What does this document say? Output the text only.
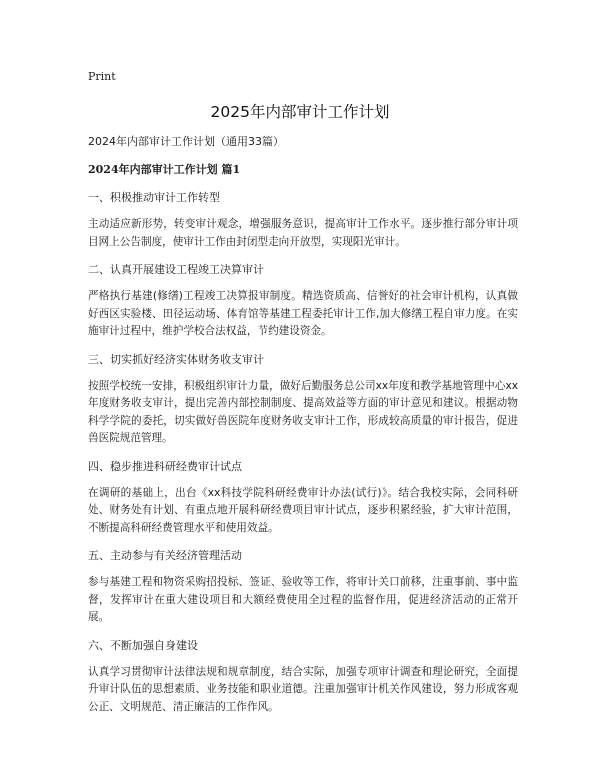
Print
2025年内部审计工作计划

2024年内部审计工作计划（通用33篇）

2024年内部审计工作计划 篇1

一、积极推动审计工作转型

主动适应新形势，转变审计观念，增强服务意识，提高审计工作水平。逐步推行部分审计项目网上公告制度，使审计工作由封闭型走向开放型，实现阳光审计。

二、认真开展建设工程竣工决算审计

严格执行基建(修缮)工程竣工决算报审制度。精选资质高、信誉好的社会审计机构，认真做好西区实验楼、田径运动场、体育馆等基建工程委托审计工作,加大修缮工程自审力度。在实施审计过程中，维护学校合法权益，节约建设资金。

三、切实抓好经济实体财务收支审计

按照学校统一安排，积极组织审计力量，做好后勤服务总公司xx年度和教学基地管理中心xx年度财务收支审计，提出完善内部控制制度、提高效益等方面的审计意见和建议。根据动物科学学院的委托，切实做好兽医院年度财务收支审计工作，形成较高质量的审计报告，促进兽医院规范管理。

四、稳步推进科研经费审计试点

在调研的基础上，出台《xx科技学院科研经费审计办法(试行)》。结合我校实际，会同科研处、财务处有计划、有重点地开展科研经费项目审计试点，逐步积累经验，扩大审计范围，不断提高科研经费管理水平和使用效益。

五、主动参与有关经济管理活动

参与基建工程和物资采购招投标、签证、验收等工作，将审计关口前移，注重事前、事中监督，发挥审计在重大建设项目和大额经费使用全过程的监督作用，促进经济活动的正常开展。

六、不断加强自身建设

认真学习贯彻审计法律法规和规章制度，结合实际，加强专项审计调查和理论研究，全面提升审计队伍的思想素质、业务技能和职业道德。注重加强审计机关作风建设，努力形成客观公正、文明规范、清正廉洁的工作作风。
